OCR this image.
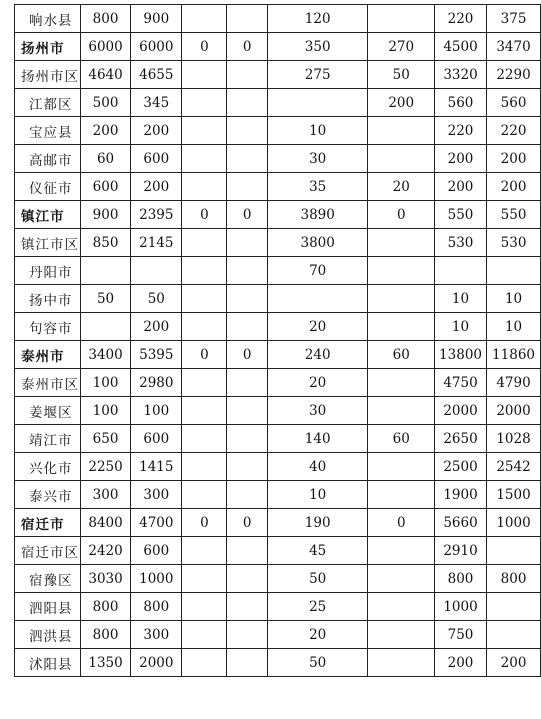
响水县	800	900			120		220	375
扬州市	6000	6000	0	0	350	270	4500	3470
扬州市区	4640	4655			275	50	3320	2290
江都区	500	345				200	560	560
宝应县	200	200			10		220	220
高邮市	60	600			30		200	200
仪征市	600	200			35	20	200	200
镇江市	900	2395	0	0	3890	0	550	550
镇江市区	850	2145			3800		530	530
丹阳市					70			
扬中市	50	50					10	10
句容市		200			20		10	10
泰州市	3400	5395	0	0	240	60	13800	11860
泰州市区	100	2980			20		4750	4790
姜堰区	100	100			30		2000	2000
靖江市	650	600			140	60	2650	1028
兴化市	2250	1415			40		2500	2542
泰兴市	300	300			10		1900	1500
宿迁市	8400	4700	0	0	190	0	5660	1000
宿迁市区	2420	600			45		2910	
宿豫区	3030	1000			50		800	800
泗阳县	800	800			25		1000	
泗洪县	800	300			20		750	
沭阳县	1350	2000			50		200	200
